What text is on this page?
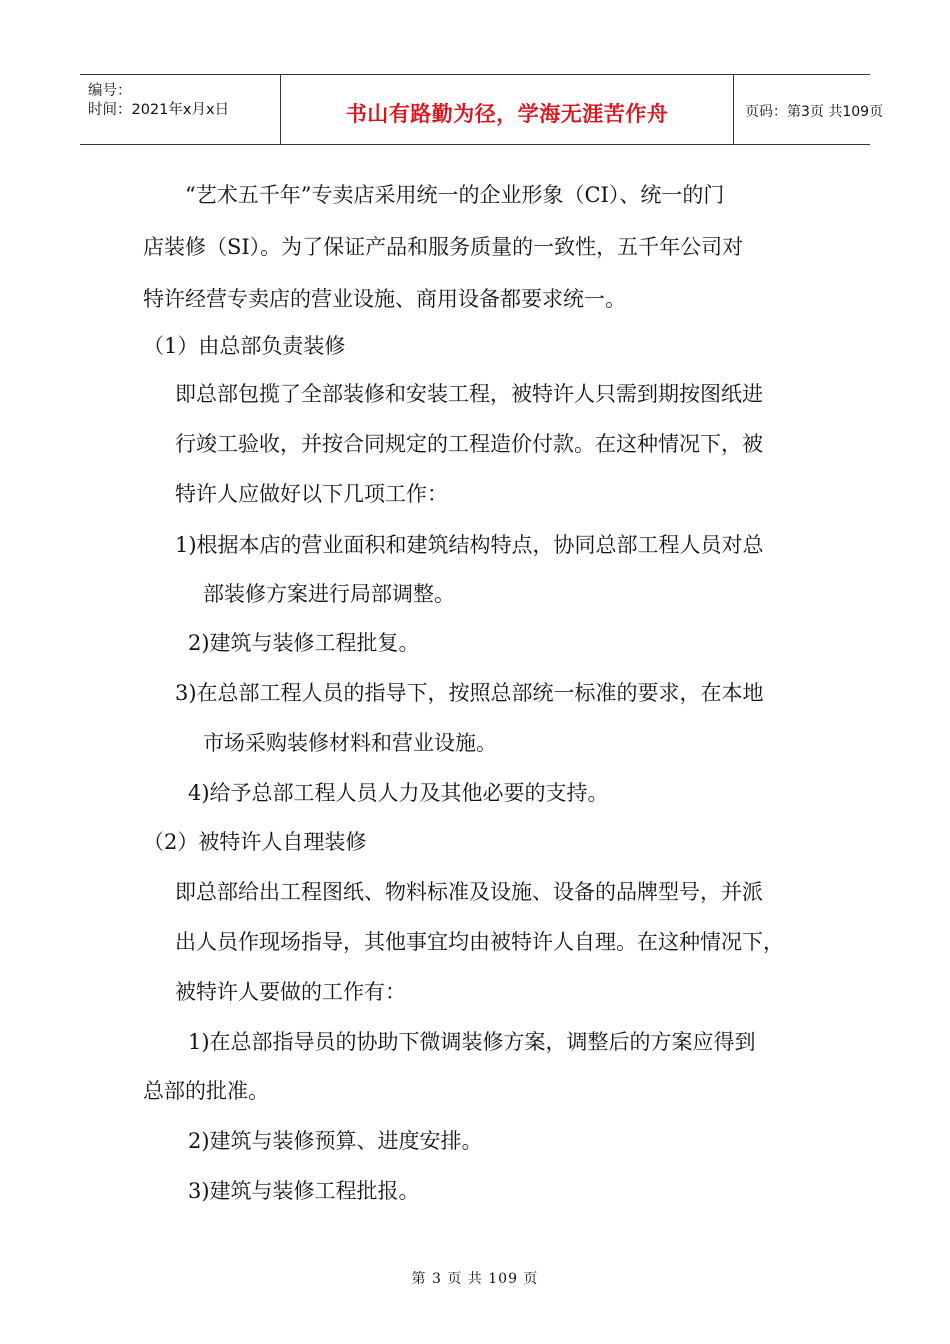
编号：
时间：2021年x月x日	书山有路勤为径，学海无涯苦作舟	页码：第3页 共109页
“艺术五千年”专卖店采用统一的企业形象（CI）、统一的门
店装修（SI）。为了保证产品和服务质量的一致性，五千年公司对
特许经营专卖店的营业设施、商用设备都要求统一。
（1）由总部负责装修
即总部包揽了全部装修和安装工程，被特许人只需到期按图纸进
行竣工验收，并按合同规定的工程造价付款。在这种情况下，被
特许人应做好以下几项工作：
1)根据本店的营业面积和建筑结构特点，协同总部工程人员对总
部装修方案进行局部调整。
2)建筑与装修工程批复。
3)在总部工程人员的指导下，按照总部统一标准的要求，在本地
市场采购装修材料和营业设施。
4)给予总部工程人员人力及其他必要的支持。
（2）被特许人自理装修
即总部给出工程图纸、物料标准及设施、设备的品牌型号，并派
出人员作现场指导，其他事宜均由被特许人自理。在这种情况下，
被特许人要做的工作有：
1)在总部指导员的协助下微调装修方案，调整后的方案应得到
总部的批准。
2)建筑与装修预算、进度安排。
3)建筑与装修工程批报。
第 3 页 共 109 页
